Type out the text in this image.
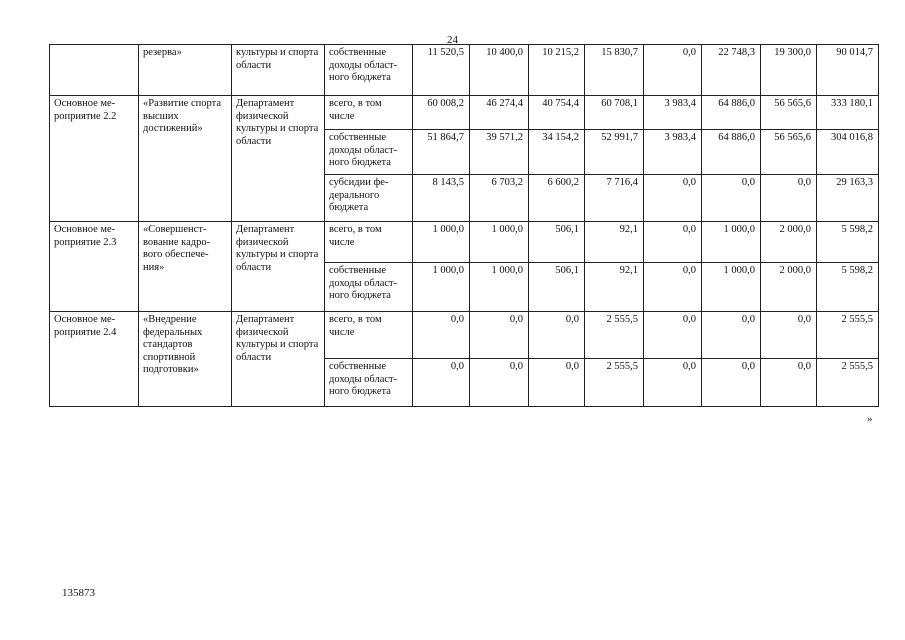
24
	резерва»	культуры и спорта области	собственные доходы област-ного бюджета	11 520,5	10 400,0	10 215,2	15 830,7	0,0	22 748,3	19 300,0	90 014,7
Основное ме-роприятие 2.2	«Развитие спорта высших достижений»	Департамент физической культуры и спорта области	всего, в том числе	60 008,2	46 274,4	40 754,4	60 708,1	3 983,4	64 886,0	56 565,6	333 180,1
			собственные доходы област-ного бюджета	51 864,7	39 571,2	34 154,2	52 991,7	3 983,4	64 886,0	56 565,6	304 016,8
			субсидии фе-дерального бюджета	8 143,5	6 703,2	6 600,2	7 716,4	0,0	0,0	0,0	29 163,3
Основное ме-роприятие 2.3	«Совершенст-вование кадро-вого обеспече-ния»	Департамент физической культуры и спорта области	всего, в том числе	1 000,0	1 000,0	506,1	92,1	0,0	1 000,0	2 000,0	5 598,2
			собственные доходы област-ного бюджета	1 000,0	1 000,0	506,1	92,1	0,0	1 000,0	2 000,0	5 598,2
Основное ме-роприятие 2.4	«Внедрение федеральных стандартов спортивной подготовки»	Департамент физической культуры и спорта области	всего, в том числе	0,0	0,0	0,0	2 555,5	0,0	0,0	0,0	2 555,5
			собственные доходы област-ного бюджета	0,0	0,0	0,0	2 555,5	0,0	0,0	0,0	2 555,5
»
135873
